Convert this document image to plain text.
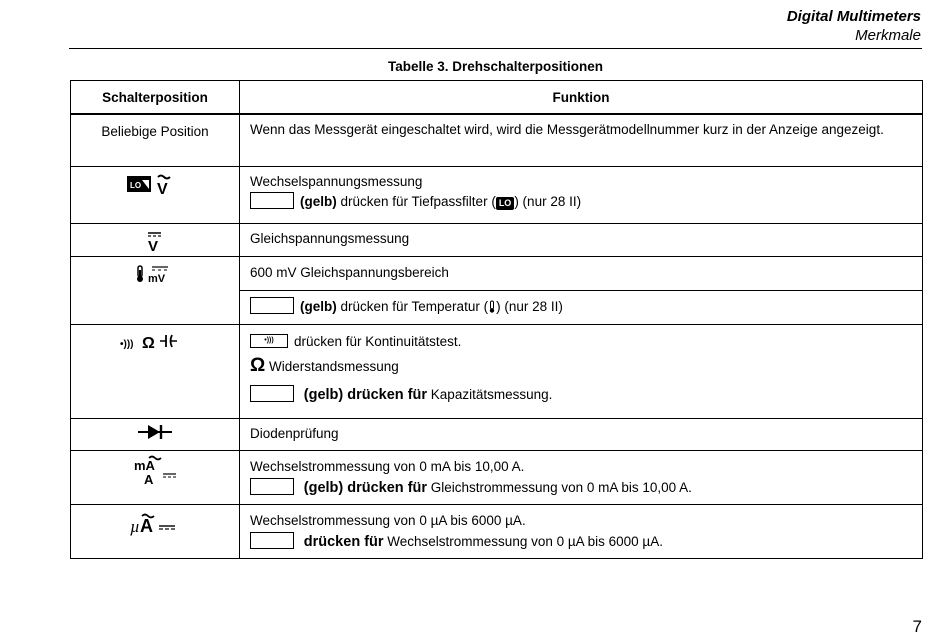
Digital Multimeters
Merkmale
Tabelle 3. Drehschalterpositionen
Schalterposition	Funktion
Beliebige Position	Wenn das Messgerät eingeschaltet wird, wird die Messgerätmodellnummer kurz in der Anzeige angezeigt.

LO V	Wechselspannungsmessung
(gelb) drücken für Tiefpassfilter ( LO ) (nur 28 II)

V	Gleichspannungsmessung

mV	600 mV Gleichspannungsbereich
(gelb) drücken für Temperatur ( ) (nur 28 II)

•))) Ω	•))) drücken für Kontinuitätstest.
Ω Widerstandsmessung
(gelb) drücken für Kapazitätsmessung.

	Diodenprüfung

mA
A	Wechselstrommessung von 0 mA bis 10,00 A.
(gelb) drücken für Gleichstrommessung von 0 mA bis 10,00 A.

µ A	Wechselstrommessung von 0 µA bis 6000 µA.
drücken für Wechselstrommessung von 0 µA bis 6000 µA.
7
